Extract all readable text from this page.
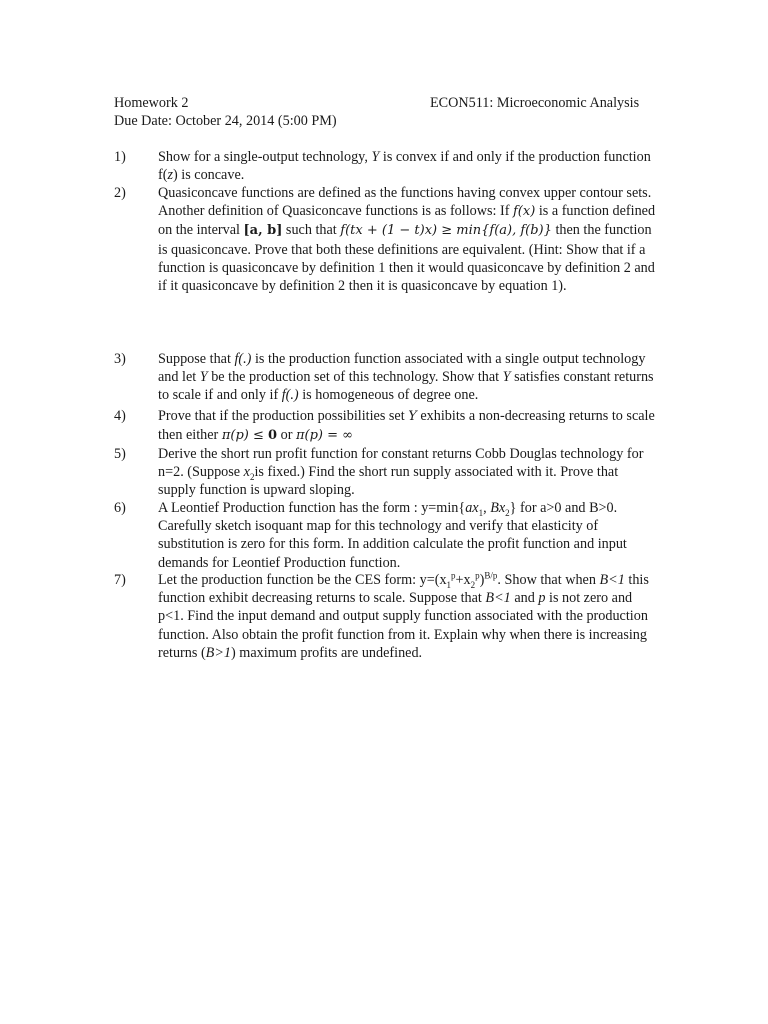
Homework 2	ECON511: Microeconomic Analysis
Due Date: October 24, 2014 (5:00 PM)
1) Show for a single-output technology, Y is convex if and only if the production function f(z) is concave.
2) Quasiconcave functions are defined as the functions having convex upper contour sets. Another definition of Quasiconcave functions is as follows: If f(x) is a function defined on the interval [a, b] such that f(tx + (1 − t)x) ≥ min{f(a), f(b)} then the function is quasiconcave. Prove that both these definitions are equivalent. (Hint: Show that if a function is quasiconcave by definition 1 then it would quasiconcave by definition 2 and if it quasiconcave by definition 2 then it is quasiconcave by equation 1).
3) Suppose that f(.) is the production function associated with a single output technology and let Y be the production set of this technology. Show that Y satisfies constant returns to scale if and only if f(.) is homogeneous of degree one.
4) Prove that if the production possibilities set Y exhibits a non-decreasing returns to scale then either π(p) ≤ 0 or π(p) = ∞
5) Derive the short run profit function for constant returns Cobb Douglas technology for n=2. (Suppose $x_2is$ fixed.) Find the short run supply associated with it. Prove that supply function is upward sloping.
6) A Leontief Production function has the form : $y=\min\{ax_1$, $Bx_2$} for a>0 and B>0. Carefully sketch isoquant map for this technology and verify that elasticity of substitution is zero for this form. In addition calculate the profit function and input demands for Leontief Production function.
7) Let the production function be the CES form: $y=(x_1^p+x_2^p)^{B/p}$. Show that when B<1 this function exhibit decreasing returns to scale. Suppose that B<1 and p is not zero and p<1. Find the input demand and output supply function associated with the production function. Also obtain the profit function from it. Explain why when there is increasing returns (B>1) maximum profits are undefined.
